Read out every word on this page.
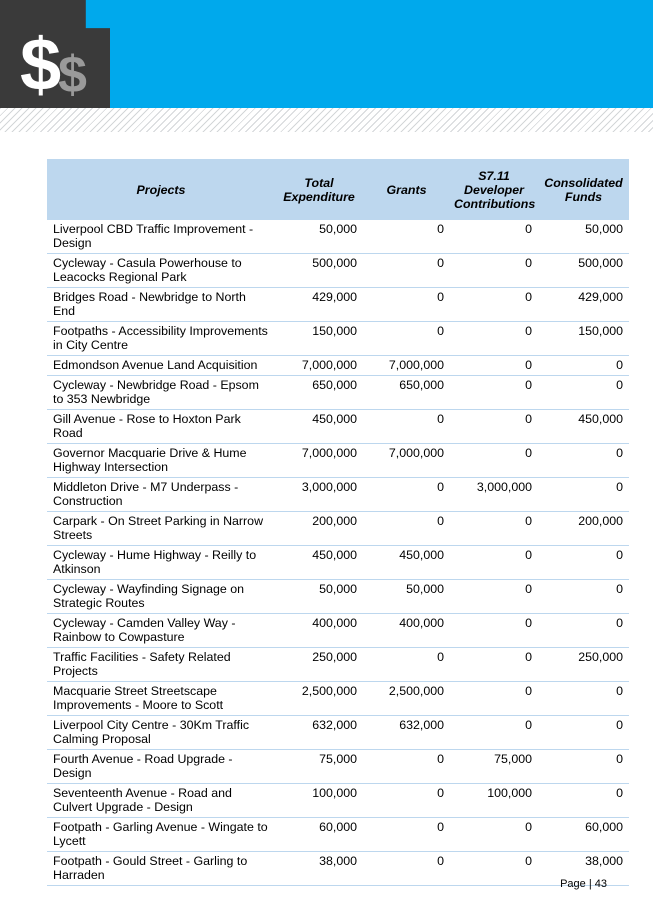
$
$
Projects	Total Expenditure	Grants	S7.11 Developer Contributions	Consolidated Funds
Liverpool CBD Traffic Improvement - Design	50,000	0	0	50,000
Cycleway - Casula Powerhouse to Leacocks Regional Park	500,000	0	0	500,000
Bridges Road - Newbridge to North End	429,000	0	0	429,000
Footpaths - Accessibility Improvements in City Centre	150,000	0	0	150,000
Edmondson Avenue Land Acquisition	7,000,000	7,000,000	0	0
Cycleway - Newbridge Road - Epsom to 353 Newbridge	650,000	650,000	0	0
Gill Avenue - Rose to Hoxton Park Road	450,000	0	0	450,000
Governor Macquarie Drive & Hume Highway Intersection	7,000,000	7,000,000	0	0
Middleton Drive - M7 Underpass - Construction	3,000,000	0	3,000,000	0
Carpark - On Street Parking in Narrow Streets	200,000	0	0	200,000
Cycleway - Hume Highway - Reilly to Atkinson	450,000	450,000	0	0
Cycleway - Wayfinding Signage on Strategic Routes	50,000	50,000	0	0
Cycleway - Camden Valley Way - Rainbow to Cowpasture	400,000	400,000	0	0
Traffic Facilities - Safety Related Projects	250,000	0	0	250,000
Macquarie Street Streetscape Improvements - Moore to Scott	2,500,000	2,500,000	0	0
Liverpool City Centre - 30Km Traffic Calming Proposal	632,000	632,000	0	0
Fourth Avenue - Road Upgrade - Design	75,000	0	75,000	0
Seventeenth Avenue - Road and Culvert Upgrade - Design	100,000	0	100,000	0
Footpath - Garling Avenue - Wingate to Lycett	60,000	0	0	60,000
Footpath - Gould Street - Garling to Harraden	38,000	0	0	38,000
Page | 43
